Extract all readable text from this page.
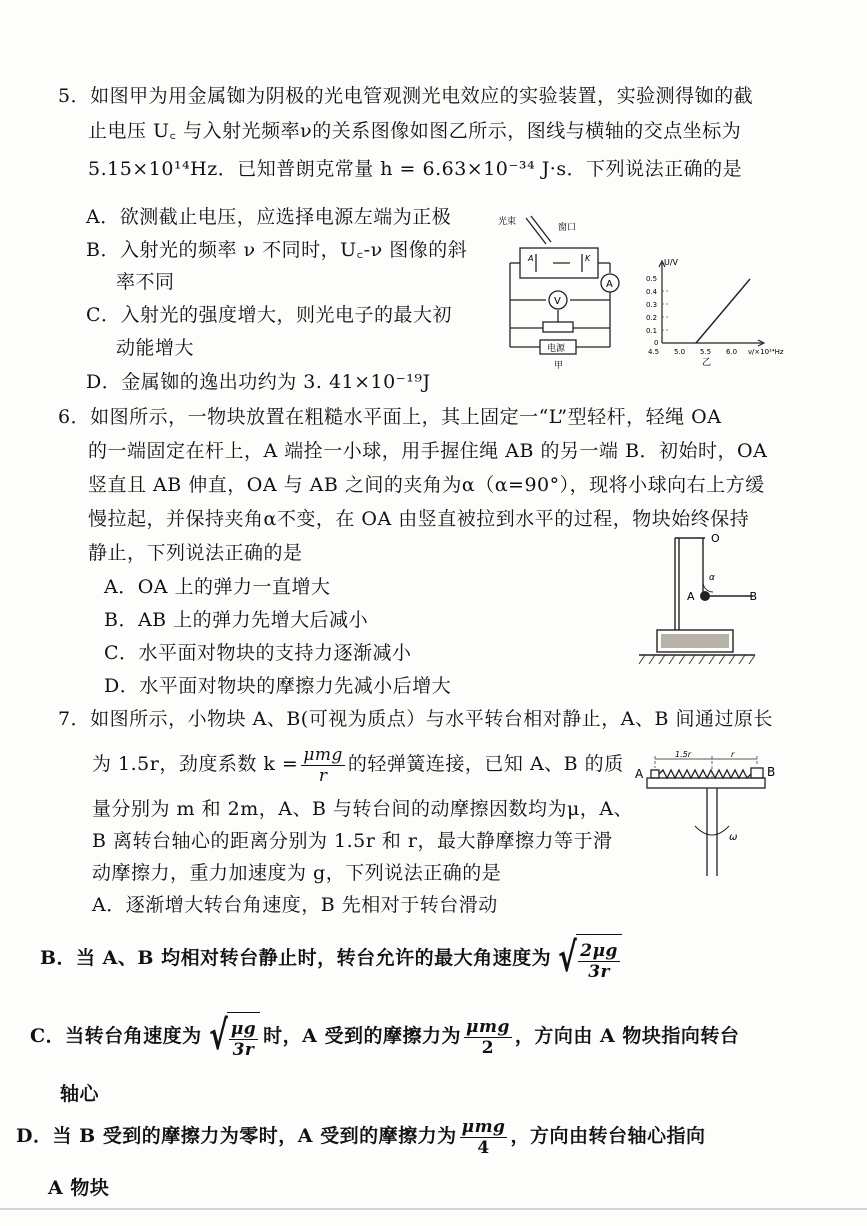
5．如图甲为用金属铷为阴极的光电管观测光电效应的实验装置，实验测得铷的截
止电压 U꜀ 与入射光频率ν的关系图像如图乙所示，图线与横轴的交点坐标为
5.15×10¹⁴Hz．已知普朗克常量 h = 6.63×10⁻³⁴ J·s．下列说法正确的是
A．欲测截止电压，应选择电源左端为正极
B．入射光的频率 ν 不同时，U꜀-ν 图像的斜
率不同
C．入射光的强度增大，则光电子的最大初
动能增大
D．金属铷的逸出功约为 3. 41×10⁻¹⁹J
光束
窗口
A	K
A
V
电源
甲
U/V
0.5
0.4
0.3
0.2
0.1
0
4.5 5.0 5.5 6.0 ν/×10¹⁴Hz
乙
6．如图所示，一物块放置在粗糙水平面上，其上固定一“L”型轻杆，轻绳 OA
的一端固定在杆上，A 端拴一小球，用手握住绳 AB 的另一端 B．初始时，OA
竖直且 AB 伸直，OA 与 AB 之间的夹角为α（α=90°），现将小球向右上方缓
慢拉起，并保持夹角α不变，在 OA 由竖直被拉到水平的过程，物块始终保持
静止，下列说法正确的是
A．OA 上的弹力一直增大
B．AB 上的弹力先增大后减小
C．水平面对物块的支持力逐渐减小
D．水平面对物块的摩擦力先减小后增大
O
A	B
α
7．如图所示，小物块 A、B(可视为质点）与水平转台相对静止，A、B 间通过原长
为 1.5r，劲度系数 $k = \frac{\text{μmg}}{r}$ 的轻弹簧连接，已知 A、B 的质
量分别为 m 和 2m，A、B 与转台间的动摩擦因数均为μ，A、
B 离转台轴心的距离分别为 1.5r 和 r，最大静摩擦力等于滑
动摩擦力，重力加速度为 g，下列说法正确的是
A．逐渐增大转台角速度，B 先相对于转台滑动
B．当 A、B 均相对转台静止时，转台允许的最大角速度为 √ $\frac{2\mu g}{3r}$
C．当转台角速度为 √ $\frac{\mu g}{3r}$ 时，A 受到的摩擦力为 $\frac{\text{μmg}}{2}$ ，方向由 A 物块指向转台
轴心
D．当 B 受到的摩擦力为零时，A 受到的摩擦力为 $\frac{\text{μmg}}{4}$ ，方向由转台轴心指向
A 物块
1.5r	r
A	B
ω
